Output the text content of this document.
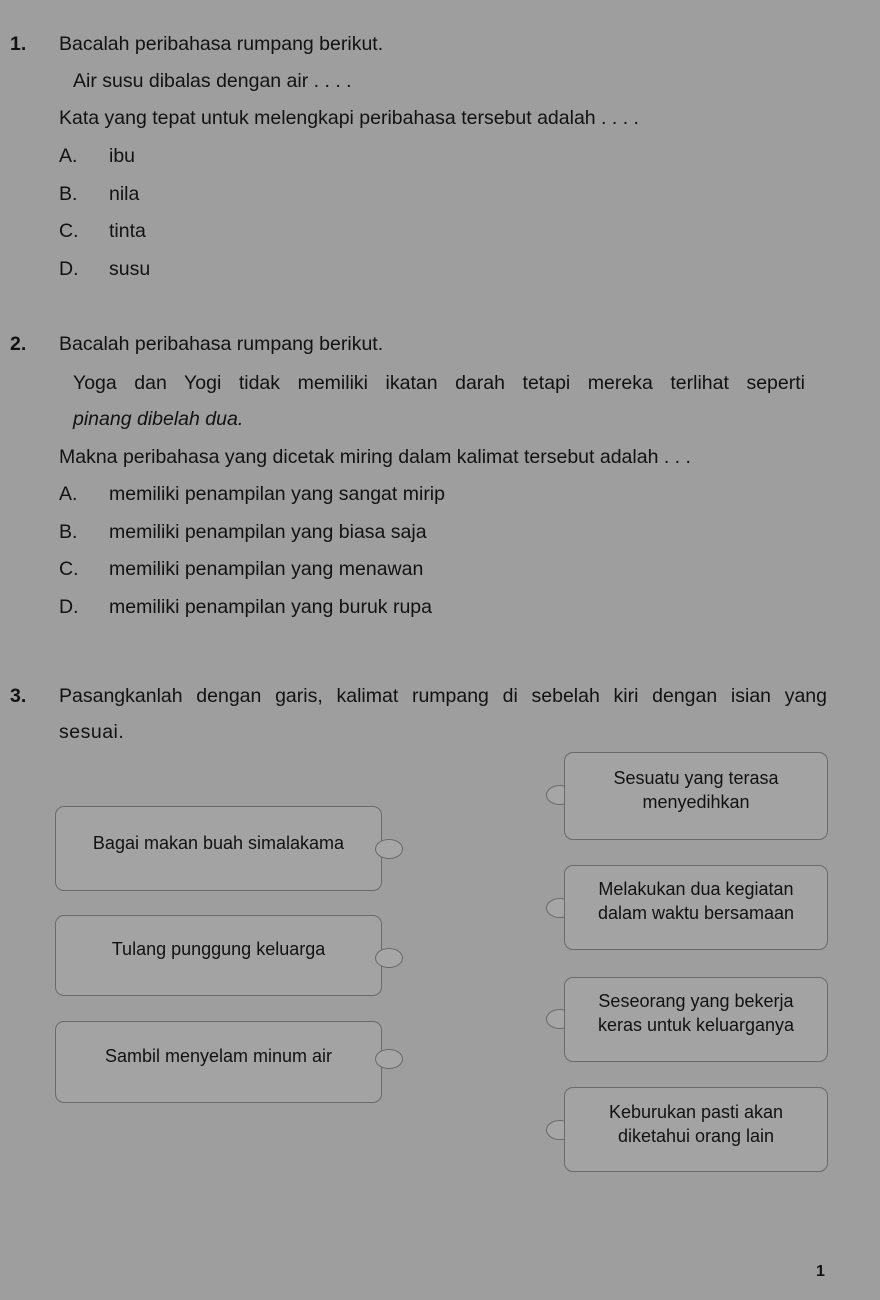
1. Bacalah peribahasa rumpang berikut.
Air susu dibalas dengan air . . . .
Kata yang tepat untuk melengkapi peribahasa tersebut adalah . . . .
A. ibu
B. nila
C. tinta
D. susu
2. Bacalah peribahasa rumpang berikut.
Yoga dan Yogi tidak memiliki ikatan darah tetapi mereka terlihat seperti
pinang dibelah dua.
Makna peribahasa yang dicetak miring dalam kalimat tersebut adalah . . .
A. memiliki penampilan yang sangat mirip
B. memiliki penampilan yang biasa saja
C. memiliki penampilan yang menawan
D. memiliki penampilan yang buruk rupa
3. Pasangkanlah dengan garis, kalimat rumpang di sebelah kiri dengan isian yang
sesuai.
Bagai makan buah simalakama
Tulang punggung keluarga
Sambil menyelam minum air
Sesuatu yang terasa
menyedihkan
Melakukan dua kegiatan
dalam waktu bersamaan
Seseorang yang bekerja
keras untuk keluarganya
Keburukan pasti akan
diketahui orang lain
1
